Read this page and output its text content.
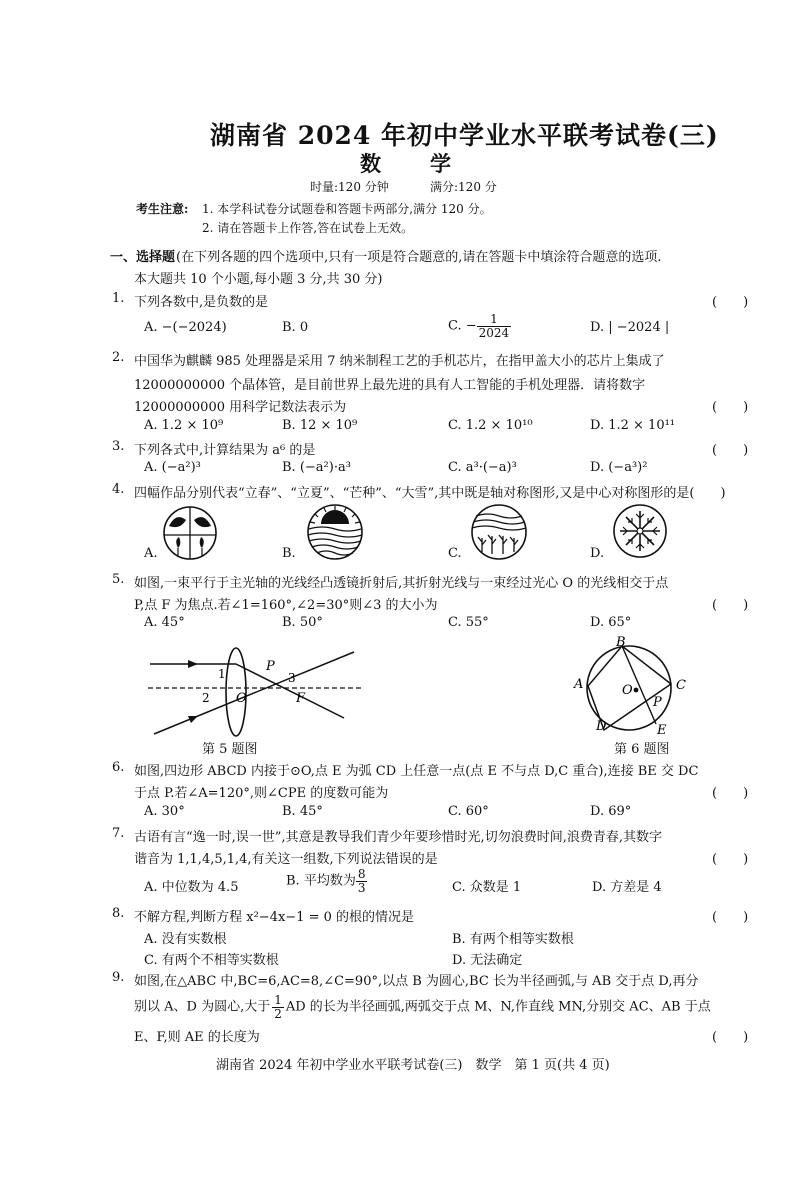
湖南省 2024 年初中学业水平联考试卷(三)
数　学
时量:120 分钟	满分:120 分
考生注意: 1. 本学科试卷分试题卷和答题卡两部分,满分 120 分。
2. 请在答题卡上作答,答在试卷上无效。
一、选择题 (在下列各题的四个选项中,只有一项是符合题意的,请在答题卡中填涂符合题意的选项.
本大题共 10 个小题,每小题 3 分,共 30 分)
1. 下列各数中,是负数的是	(　　)
A. −(−2024)	B. 0	C. − $\frac{1}{2024}$	D. | −2024 |
2. 中国华为麒麟 985 处理器是采用 7 纳米制程工艺的手机芯片，在指甲盖大小的芯片上集成了
12000000000 个晶体管，是目前世界上最先进的具有人工智能的手机处理器．请将数字
12000000000 用科学记数法表示为	(　　)
A. 1.2 × 10⁹	B. 12 × 10⁹	C. 1.2 × 10¹⁰	D. 1.2 × 10¹¹
3. 下列各式中,计算结果为 a⁶ 的是	(　　)
A. (−a²)³	B. (−a²)·a³	C. a³·(−a)³	D. (−a³)²
4. 四幅作品分别代表“立春”、“立夏”、“芒种”、“大雪”,其中既是轴对称图形,又是中心对称图形的是(　　)
A.	B.	C.	D.
5. 如图,一束平行于主光轴的光线经凸透镜折射后,其折射光线与一束经过光心 O 的光线相交于点
P,点 F 为焦点.若∠1=160°,∠2=30°则∠3 的大小为	(　　)
A. 45°	B. 50°	C. 55°	D. 65°
1
2
3
P
O	F
第 5 题图
B
C
A
D	E
P
O
第 6 题图
6. 如图,四边形 ABCD 内接于⊙O,点 E 为弧 CD 上任意一点(点 E 不与点 D,C 重合),连接 BE 交 DC
于点 P.若∠A=120°,则∠CPE 的度数可能为	(　　)
A. 30°	B. 45°	C. 60°	D. 69°
7. 古语有言“逸一时,误一世”,其意是教导我们青少年要珍惜时光,切勿浪费时间,浪费青春,其数字
谐音为 1,1,4,5,1,4,有关这一组数,下列说法错误的是	(　　)
A. 中位数为 4.5	B. 平均数为 $\frac{8}{3}$	C. 众数是 1	D. 方差是 4
8. 不解方程,判断方程 x²−4x−1 = 0 的根的情况是	(　　)
A. 没有实数根	B. 有两个相等实数根
C. 有两个不相等实数根	D. 无法确定
9. 如图,在△ABC 中,BC=6,AC=8,∠C=90°,以点 B 为圆心,BC 长为半径画弧,与 AB 交于点 D,再分
别以 A、D 为圆心,大于 $\frac{1}{2}$ AD 的长为半径画弧,两弧交于点 M、N,作直线 MN,分别交 AC、AB 于点
E、F,则 AE 的长度为	(　　)
湖南省 2024 年初中学业水平联考试卷(三)　数学　第 1 页(共 4 页)
